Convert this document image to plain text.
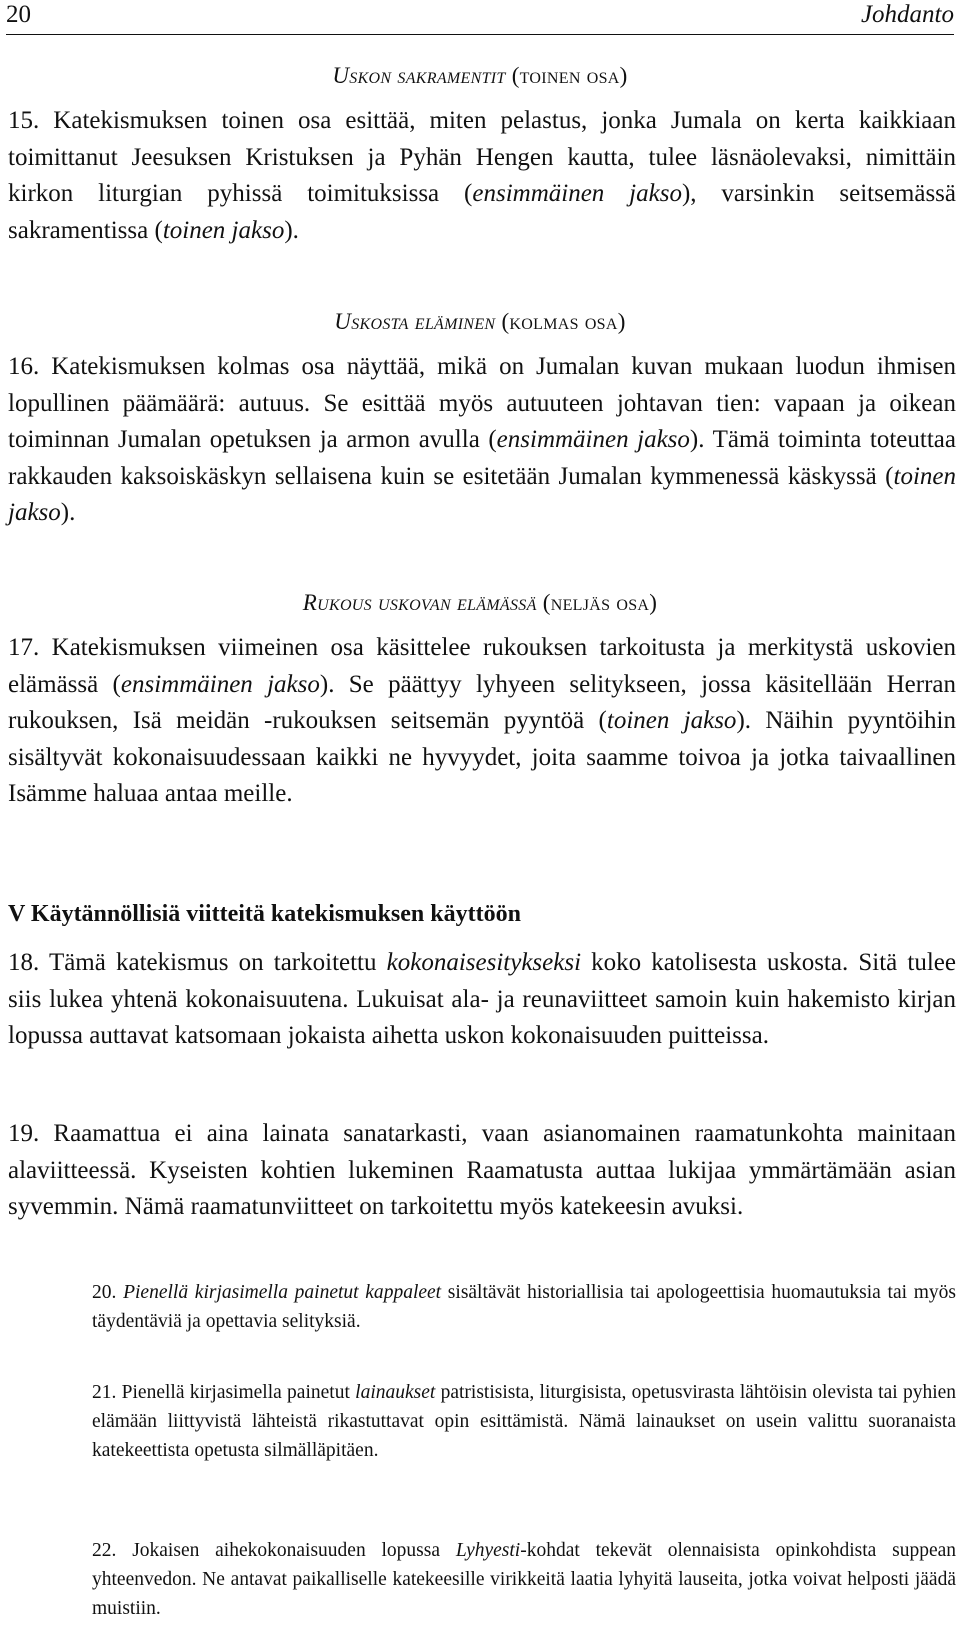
20	Johdanto
Uskon sakramentit (toinen osa)

15. Katekismuksen toinen osa esittää, miten pelastus, jonka Jumala on kerta kaikkiaan toimittanut Jeesuksen Kristuksen ja Pyhän Hengen kautta, tulee läsnäolevaksi, nimittäin kirkon liturgian pyhissä toimituksissa (ensimmäinen jakso), varsinkin seitsemässä sakramentissa (toinen jakso).

Uskosta eläminen (kolmas osa)

16. Katekismuksen kolmas osa näyttää, mikä on Jumalan kuvan mukaan luodun ihmisen lopullinen päämäärä: autuus. Se esittää myös autuuteen johtavan tien: vapaan ja oikean toiminnan Jumalan opetuksen ja armon avulla (ensimmäinen jakso). Tämä toiminta toteuttaa rakkauden kaksoiskäskyn sellaisena kuin se esitetään Jumalan kymmenessä käskyssä (toinen jakso).

Rukous uskovan elämässä (neljäs osa)

17. Katekismuksen viimeinen osa käsittelee rukouksen tarkoitusta ja merkitystä uskovien elämässä (ensimmäinen jakso). Se päättyy lyhyeen selitykseen, jossa käsitellään Herran rukouksen, Isä meidän -rukouksen seitsemän pyyntöä (toinen jakso). Näihin pyyntöihin sisältyvät kokonaisuudessaan kaikki ne hyvyydet, joita saamme toivoa ja jotka taivaallinen Isämme haluaa antaa meille.

V Käytännöllisiä viitteitä katekismuksen käyttöön

18. Tämä katekismus on tarkoitettu kokonaisesitykseksi koko katolisesta uskosta. Sitä tulee siis lukea yhtenä kokonaisuutena. Lukuisat ala- ja reunaviitteet samoin kuin hakemisto kirjan lopussa auttavat katsomaan jokaista aihetta uskon kokonaisuuden puitteissa.

19. Raamattua ei aina lainata sanatarkasti, vaan asianomainen raamatunkohta mainitaan alaviitteessä. Kyseisten kohtien lukeminen Raamatusta auttaa lukijaa ymmärtämään asian syvemmin. Nämä raamatunviitteet on tarkoitettu myös katekeesin avuksi.

20. Pienellä kirjasimella painetut kappaleet sisältävät historiallisia tai apologeettisia huomautuksia tai myös täydentäviä ja opettavia selityksiä.

21. Pienellä kirjasimella painetut lainaukset patristisista, liturgisista, opetusvirasta lähtöisin olevista tai pyhien elämään liittyvistä lähteistä rikastuttavat opin esittämistä. Nämä lainaukset on usein valittu suoranaista katekeettista opetusta silmälläpitäen.

22. Jokaisen aihekokonaisuuden lopussa Lyhyesti-kohdat tekevät olennaisista opinkohdista suppean yhteenvedon. Ne antavat paikalliselle katekeesille virikkeitä laatia lyhyitä lauseita, jotka voivat helposti jäädä muistiin.
